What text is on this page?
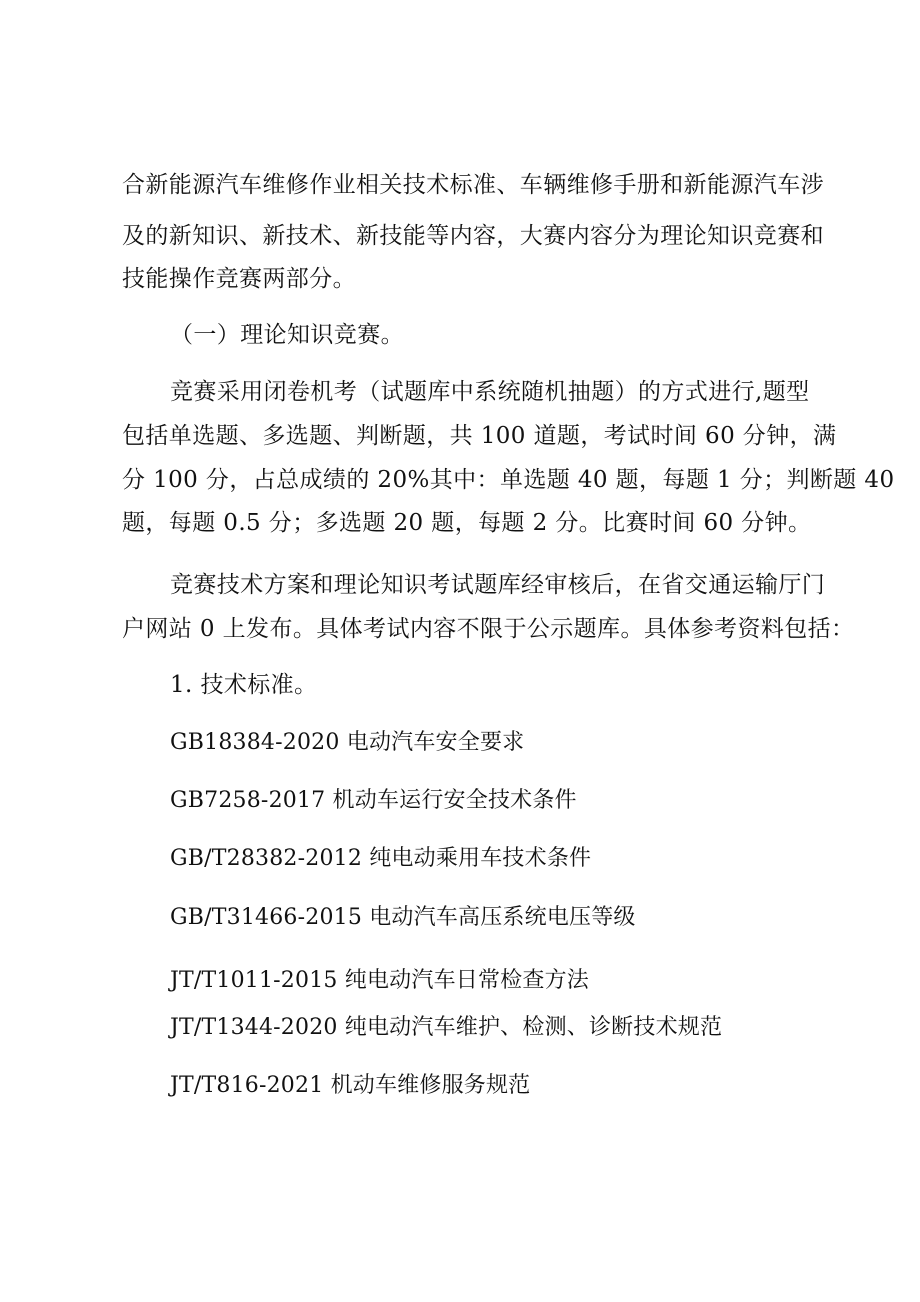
合新能源汽车维修作业相关技术标准、车辆维修手册和新能源汽车涉
及的新知识、新技术、新技能等内容，大赛内容分为理论知识竞赛和
技能操作竞赛两部分。
（一）理论知识竞赛。
竞赛采用闭卷机考（试题库中系统随机抽题）的方式进行,题型
包括单选题、多选题、判断题，共 100 道题，考试时间 60 分钟，满
分 100 分，占总成绩的 20%其中：单选题 40 题，每题 1 分；判断题 40
题，每题 0.5 分；多选题 20 题，每题 2 分。比赛时间 60 分钟。
竞赛技术方案和理论知识考试题库经审核后，在省交通运输厅门
户网站 0 上发布。具体考试内容不限于公示题库。具体参考资料包括：
1. 技术标准。
GB18384-2020 电动汽车安全要求
GB7258-2017 机动车运行安全技术条件
GB/T28382-2012 纯电动乘用车技术条件
GB/T31466-2015 电动汽车高压系统电压等级
JT/T1011-2015 纯电动汽车日常检查方法
JT/T1344-2020 纯电动汽车维护、检测、诊断技术规范
JT/T816-2021 机动车维修服务规范
